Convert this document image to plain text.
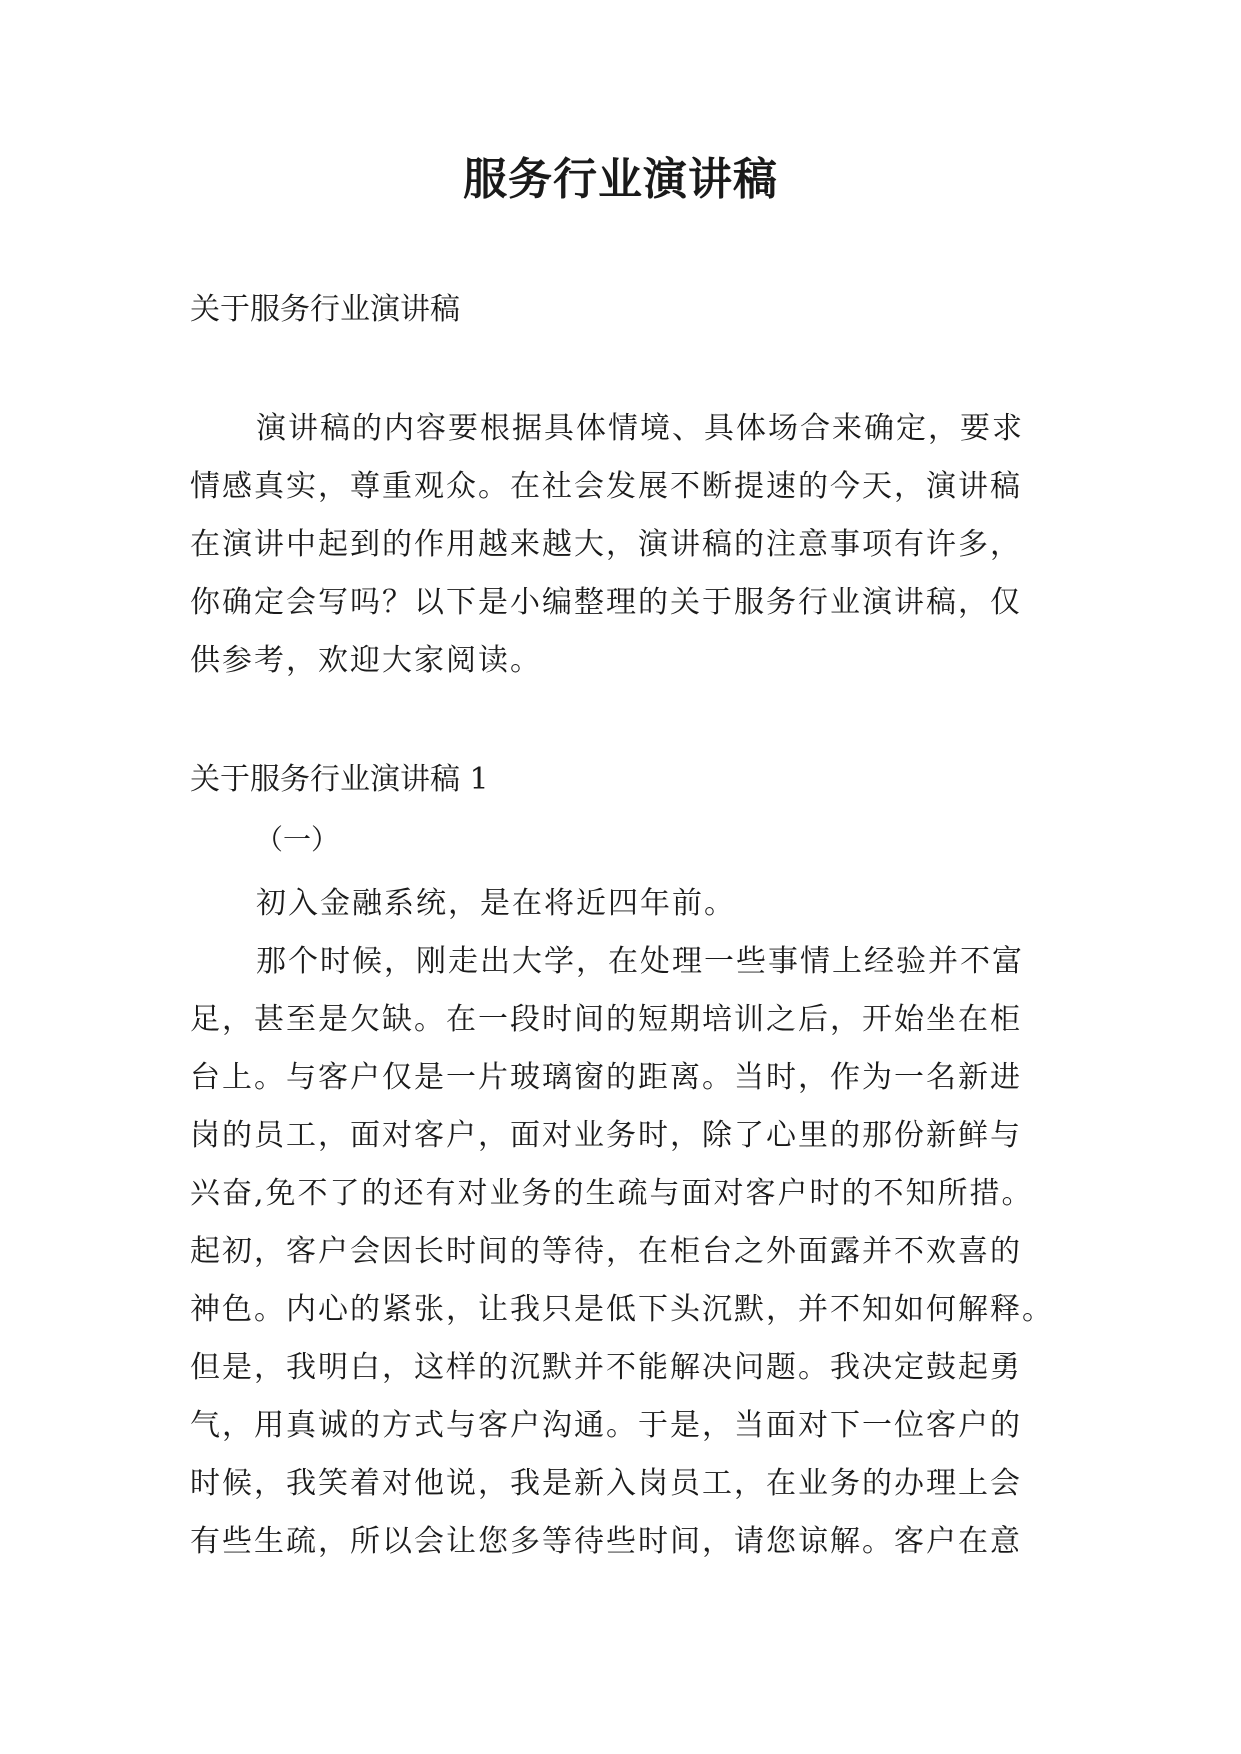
服务行业演讲稿
关于服务行业演讲稿
演讲稿的内容要根据具体情境、具体场合来确定，要求
情感真实，尊重观众。在社会发展不断提速的今天，演讲稿
在演讲中起到的作用越来越大，演讲稿的注意事项有许多，
你确定会写吗？以下是小编整理的关于服务行业演讲稿，仅
供参考，欢迎大家阅读。
关于服务行业演讲稿 1
（一）
初入金融系统，是在将近四年前。
那个时候，刚走出大学，在处理一些事情上经验并不富
足，甚至是欠缺。在一段时间的短期培训之后，开始坐在柜
台上。与客户仅是一片玻璃窗的距离。当时，作为一名新进
岗的员工，面对客户，面对业务时，除了心里的那份新鲜与
兴奋,免不了的还有对业务的生疏与面对客户时的不知所措。
起初，客户会因长时间的等待，在柜台之外面露并不欢喜的
神色。内心的紧张，让我只是低下头沉默，并不知如何解释。
但是，我明白，这样的沉默并不能解决问题。我决定鼓起勇
气，用真诚的方式与客户沟通。于是，当面对下一位客户的
时候，我笑着对他说，我是新入岗员工，在业务的办理上会
有些生疏，所以会让您多等待些时间，请您谅解。客户在意
